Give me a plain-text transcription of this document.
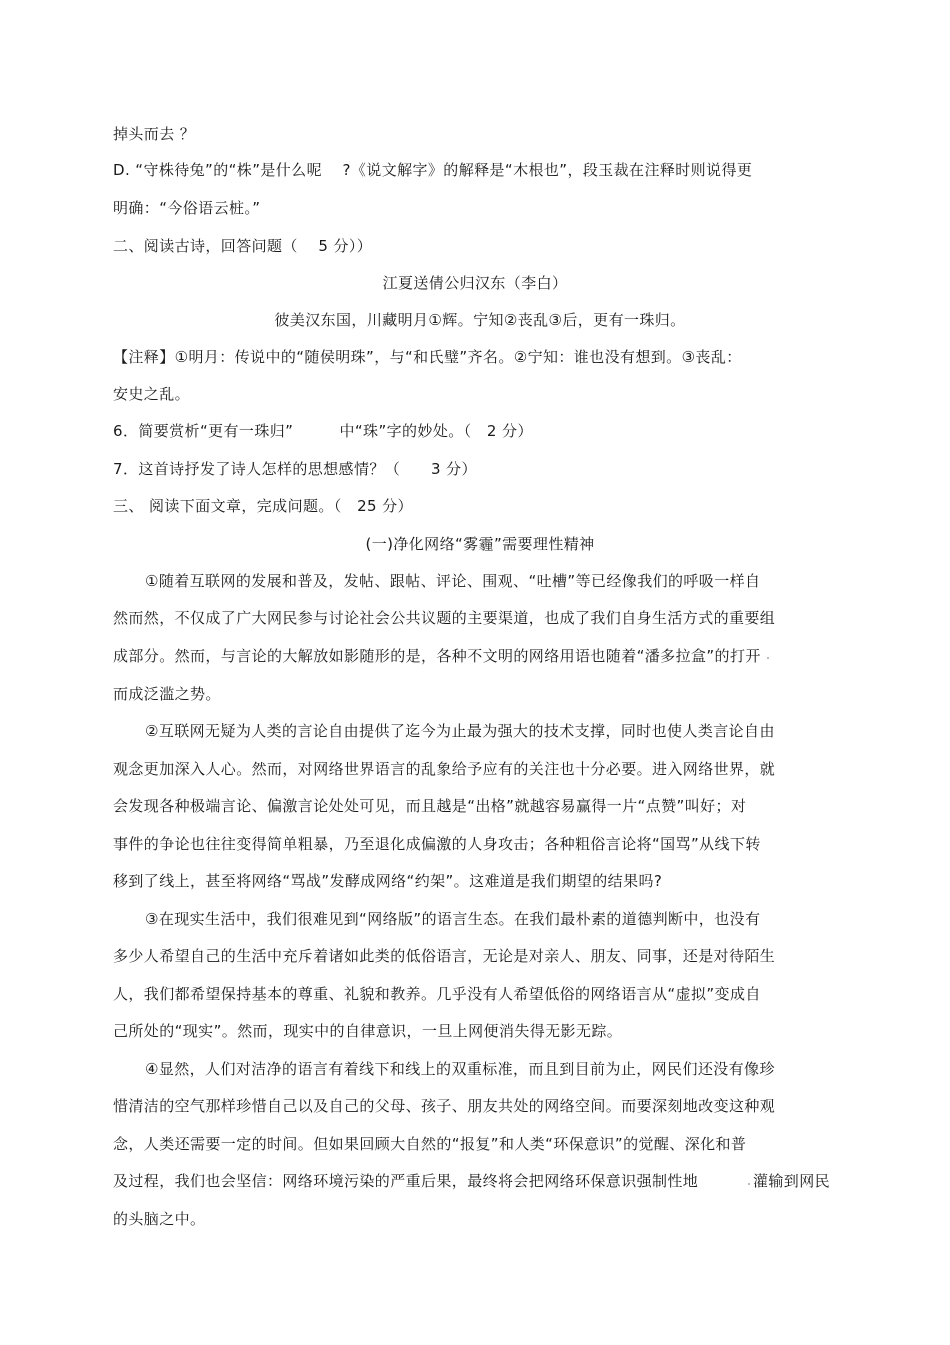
掉头而去 ？
D. “守株待兔”的“株”是什么呢　 ?《说文解字》的解释是“木根也”，段玉裁在注释时则说得更
明确：“今俗语云桩。”
二、阅读古诗，回答问题（　 5 分））
江夏送倩公归汉东（李白）
彼美汉东国，川藏明月①辉。宁知②丧乱③后，更有一珠归。
【注释】①明月：传说中的“随侯明珠”，与“和氏璧”齐名。②宁知：谁也没有想到。③丧乱：
安史之乱。
6．简要赏析“更有一珠归”　　　中“珠”字的妙处。（　2 分）
7．这首诗抒发了诗人怎样的思想感情？（　　3 分）
三、 阅读下面文章，完成问题。（　25 分）
(一)净化网络“雾霾”需要理性精神
①随着互联网的发展和普及，发帖、跟帖、评论、围观、“吐槽”等已经像我们的呼吸一样自
然而然，不仅成了广大网民参与讨论社会公共议题的主要渠道，也成了我们自身生活方式的重要组
成部分。然而，与言论的大解放如影随形的是，各种不文明的网络用语也随着“潘多拉盒”的打开
而成泛滥之势。
②互联网无疑为人类的言论自由提供了迄今为止最为强大的技术支撑，同时也使人类言论自由
观念更加深入人心。然而，对网络世界语言的乱象给予应有的关注也十分必要。进入网络世界，就
会发现各种极端言论、偏激言论处处可见，而且越是“出格”就越容易赢得一片“点赞”叫好；对
事件的争论也往往变得简单粗暴，乃至退化成偏激的人身攻击；各种粗俗言论将“国骂”从线下转
移到了线上，甚至将网络“骂战”发酵成网络“约架”。这难道是我们期望的结果吗?
③在现实生活中，我们很难见到“网络版”的语言生态。在我们最朴素的道德判断中，也没有
多少人希望自己的生活中充斥着诸如此类的低俗语言，无论是对亲人、朋友、同事，还是对待陌生
人，我们都希望保持基本的尊重、礼貌和教养。几乎没有人希望低俗的网络语言从“虚拟”变成自
己所处的“现实”。然而，现实中的自律意识，一旦上网便消失得无影无踪。
④显然，人们对洁净的语言有着线下和线上的双重标准，而且到目前为止，网民们还没有像珍
惜清洁的空气那样珍惜自己以及自己的父母、孩子、朋友共处的网络空间。而要深刻地改变这种观
念，人类还需要一定的时间。但如果回顾大自然的“报复”和人类“环保意识”的觉醒、深化和普
及过程，我们也会坚信：网络环境污染的严重后果，最终将会把网络环保意识强制性地	灌输到网民
的头脑之中。
